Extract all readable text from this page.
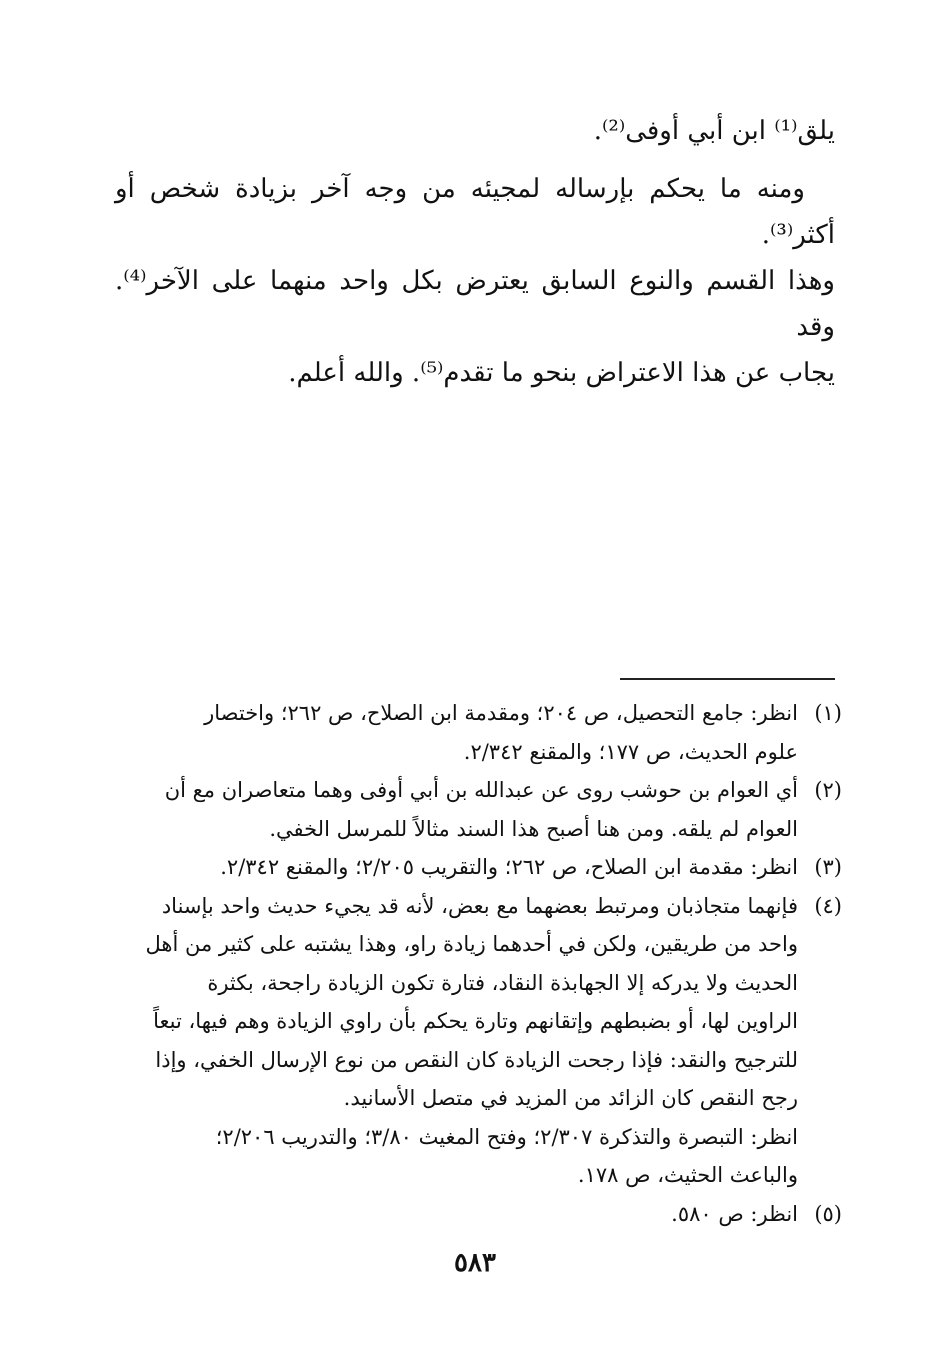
يلق⁽¹⁾ ابن أبي أوفى⁽²⁾.

ومنه ما يحكم بإرساله لمجيئه من وجه آخر بزيادة شخص أو أكثر⁽³⁾.
وهذا القسم والنوع السابق يعترض بكل واحد منهما على الآخر⁽⁴⁾. وقد
يجاب عن هذا الاعتراض بنحو ما تقدم⁽⁵⁾. والله أعلم.

(١)
انظر: جامع التحصيل، ص ٢٠٤؛ ومقدمة ابن الصلاح، ص ٢٦٢؛ واختصار
علوم الحديث، ص ١٧٧؛ والمقنع ٢/٣٤٢.
(٢)
أي العوام بن حوشب روى عن عبدالله بن أبي أوفى وهما متعاصران مع أن
العوام لم يلقه. ومن هنا أصبح هذا السند مثالاً للمرسل الخفي.
(٣)
انظر: مقدمة ابن الصلاح، ص ٢٦٢؛ والتقريب ٢/٢٠٥؛ والمقنع ٢/٣٤٢.
(٤)
فإنهما متجاذبان ومرتبط بعضهما مع بعض، لأنه قد يجيء حديث واحد بإسناد
واحد من طريقين، ولكن في أحدهما زيادة راو، وهذا يشتبه على كثير من أهل
الحديث ولا يدركه إلا الجهابذة النقاد، فتارة تكون الزيادة راجحة، بكثرة
الراوين لها، أو بضبطهم وإتقانهم وتارة يحكم بأن راوي الزيادة وهم فيها، تبعاً
للترجيح والنقد: فإذا رجحت الزيادة كان النقص من نوع الإرسال الخفي، وإذا
رجح النقص كان الزائد من المزيد في متصل الأسانيد.
انظر: التبصرة والتذكرة ٢/٣٠٧؛ وفتح المغيث ٣/٨٠؛ والتدريب ٢/٢٠٦؛
والباعث الحثيث، ص ١٧٨.
(٥)
انظر: ص ٥٨٠.
٥٨٣
